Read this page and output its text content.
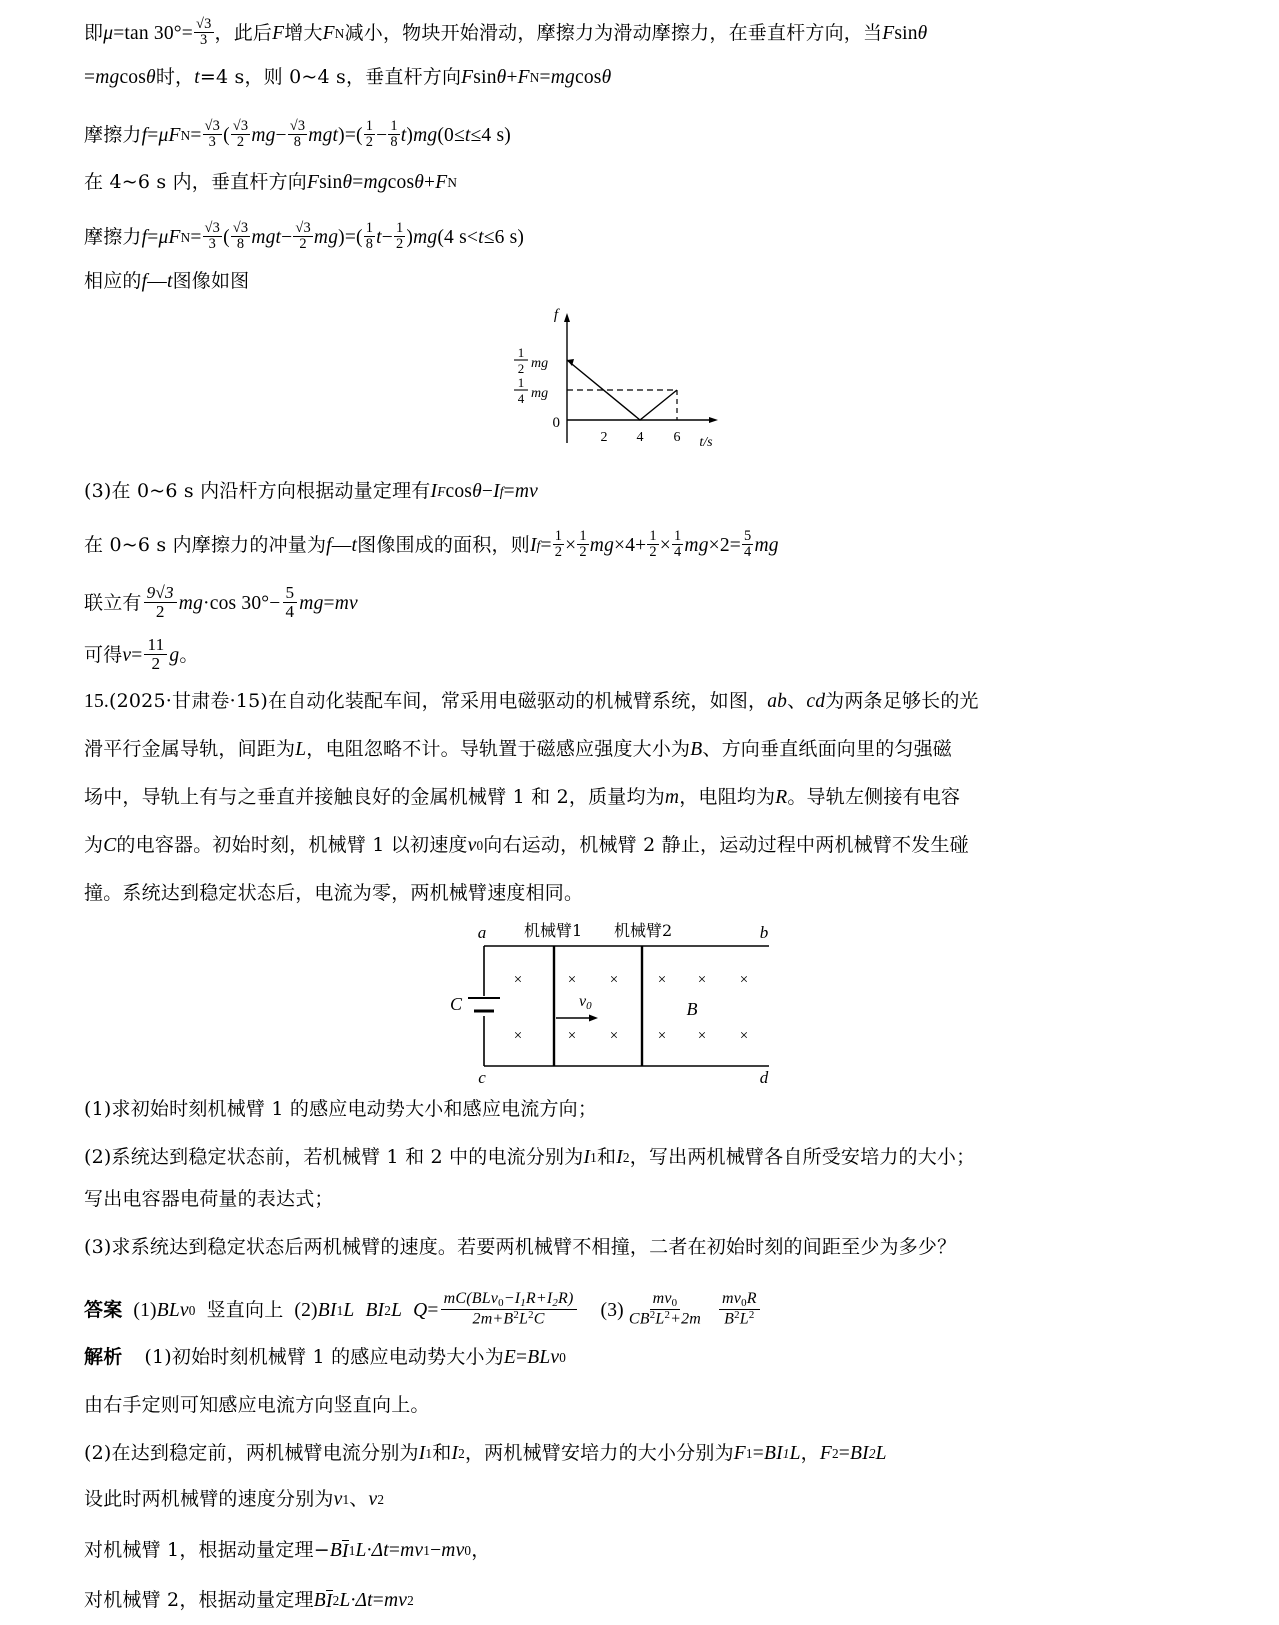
即 μ =tan $30^\circ= \frac{√3}{3}$ ，此后 F 增大 F N 减小，物块开始滑动，摩擦力为滑动摩擦力，在垂直杆方向，当 F sin θ
= mg cos θ 时， t =4 s，则 0~4 s，垂直杆方向 F sin θ + F N = mg cos θ
摩擦力 f = μ F $N = \frac{√3}{3}$ ( $\frac{√3}{2}$ mg − $\frac{√3}{8}$ mgt ) =( $\frac{1}{2} - \frac{1}{8}$ t ) mg (0≤ t ≤4 s)
在 4~6 s 内，垂直杆方向 F sin θ = mg cos θ + F N
摩擦力 f = μ F $N = \frac{√3}{3}$ ( $\frac{√3}{8}$ mgt − $\frac{√3}{2}$ mg ) =( $\frac{1}{8}$ $t - \frac{1}{2}$ ) mg (4 s< t ≤6 s)
相应的 f — t 图像如图
f
0
2 4 6 t/s
1
2 mg
1
4 mg
(3)在 0~6 s 内沿杆方向根据动量定理有 I F cos θ − I f = mv
在 0~6 s 内摩擦力的冲量为 f — t 图像围成的面积，则 I $f = \frac{1}{2} \times \frac{1}{2}$ mg $\times 4+ \frac{1}{2} \times \frac{1}{4}$ mg $\times 2= \frac{5}{4}$ mg
联立有 $\frac{9√3}{2}$ mg ·cos $30^\circ- \frac{5}{4}$ mg = mv
可得 $v = \frac{11}{2}$ g 。
15. (2025·甘肃卷·15) 在自动化装配车间，常采用电磁驱动的机械臂系统，如图， ab 、 cd 为两条足够长的光
滑平行金属导轨，间距为 L ，电阻忽略不计。导轨置于磁感应强度大小为 B 、方向垂直纸面向里的匀强磁
场中，导轨上有与之垂直并接触良好的金属机械臂 1 和 2，质量均为 m ，电阻均为 R 。导轨左侧接有电容
为 C 的电容器。初始时刻，机械臂 1 以初速度 v 0 向右运动，机械臂 2 静止，运动过程中两机械臂不发生碰
撞。系统达到稳定状态后，电流为零，两机械臂速度相同。
a	b
c	d
机械臂1 机械臂2
C	v0	B
×	× ×	× × ×
×	× ×	× × ×
(1)求初始时刻机械臂 1 的感应电动势大小和感应电流方向；
(2)系统达到稳定状态前，若机械臂 1 和 2 中的电流分别为 I 1 和 I 2 ，写出两机械臂各自所受安培力的大小；
写出电容器电荷量的表达式；
(3)求系统达到稳定状态后两机械臂的速度。若要两机械臂不相撞，二者在初始时刻的间距至少为多少？
答案 (1) BLv 0 竖直向上 (2) BI 1 L BI 2 L $Q = \frac{mC(BLv_0-I1R+I2R)}{2m+B^2L^2C} (3) \frac{mv_0}{CB^2L^2+2m} \frac{mv_0R}{B^2L^2}$
解析 (1)初始时刻机械臂 1 的感应电动势大小为 E = BLv 0
由右手定则可知感应电流方向竖直向上。
(2)在达到稳定前，两机械臂电流分别为 I 1 和 I 2 ，两机械臂安培力的大小分别为 F 1 = BI 1 L ， F 2 = BI 2 L
设此时两机械臂的速度分别为 v 1 、 v 2
对机械臂 1，根据动量定理− B I 1 L ·Δt = mv 1 − mv 0 ，
对机械臂 2，根据动量定理 B I 2 L ·Δt = mv 2
